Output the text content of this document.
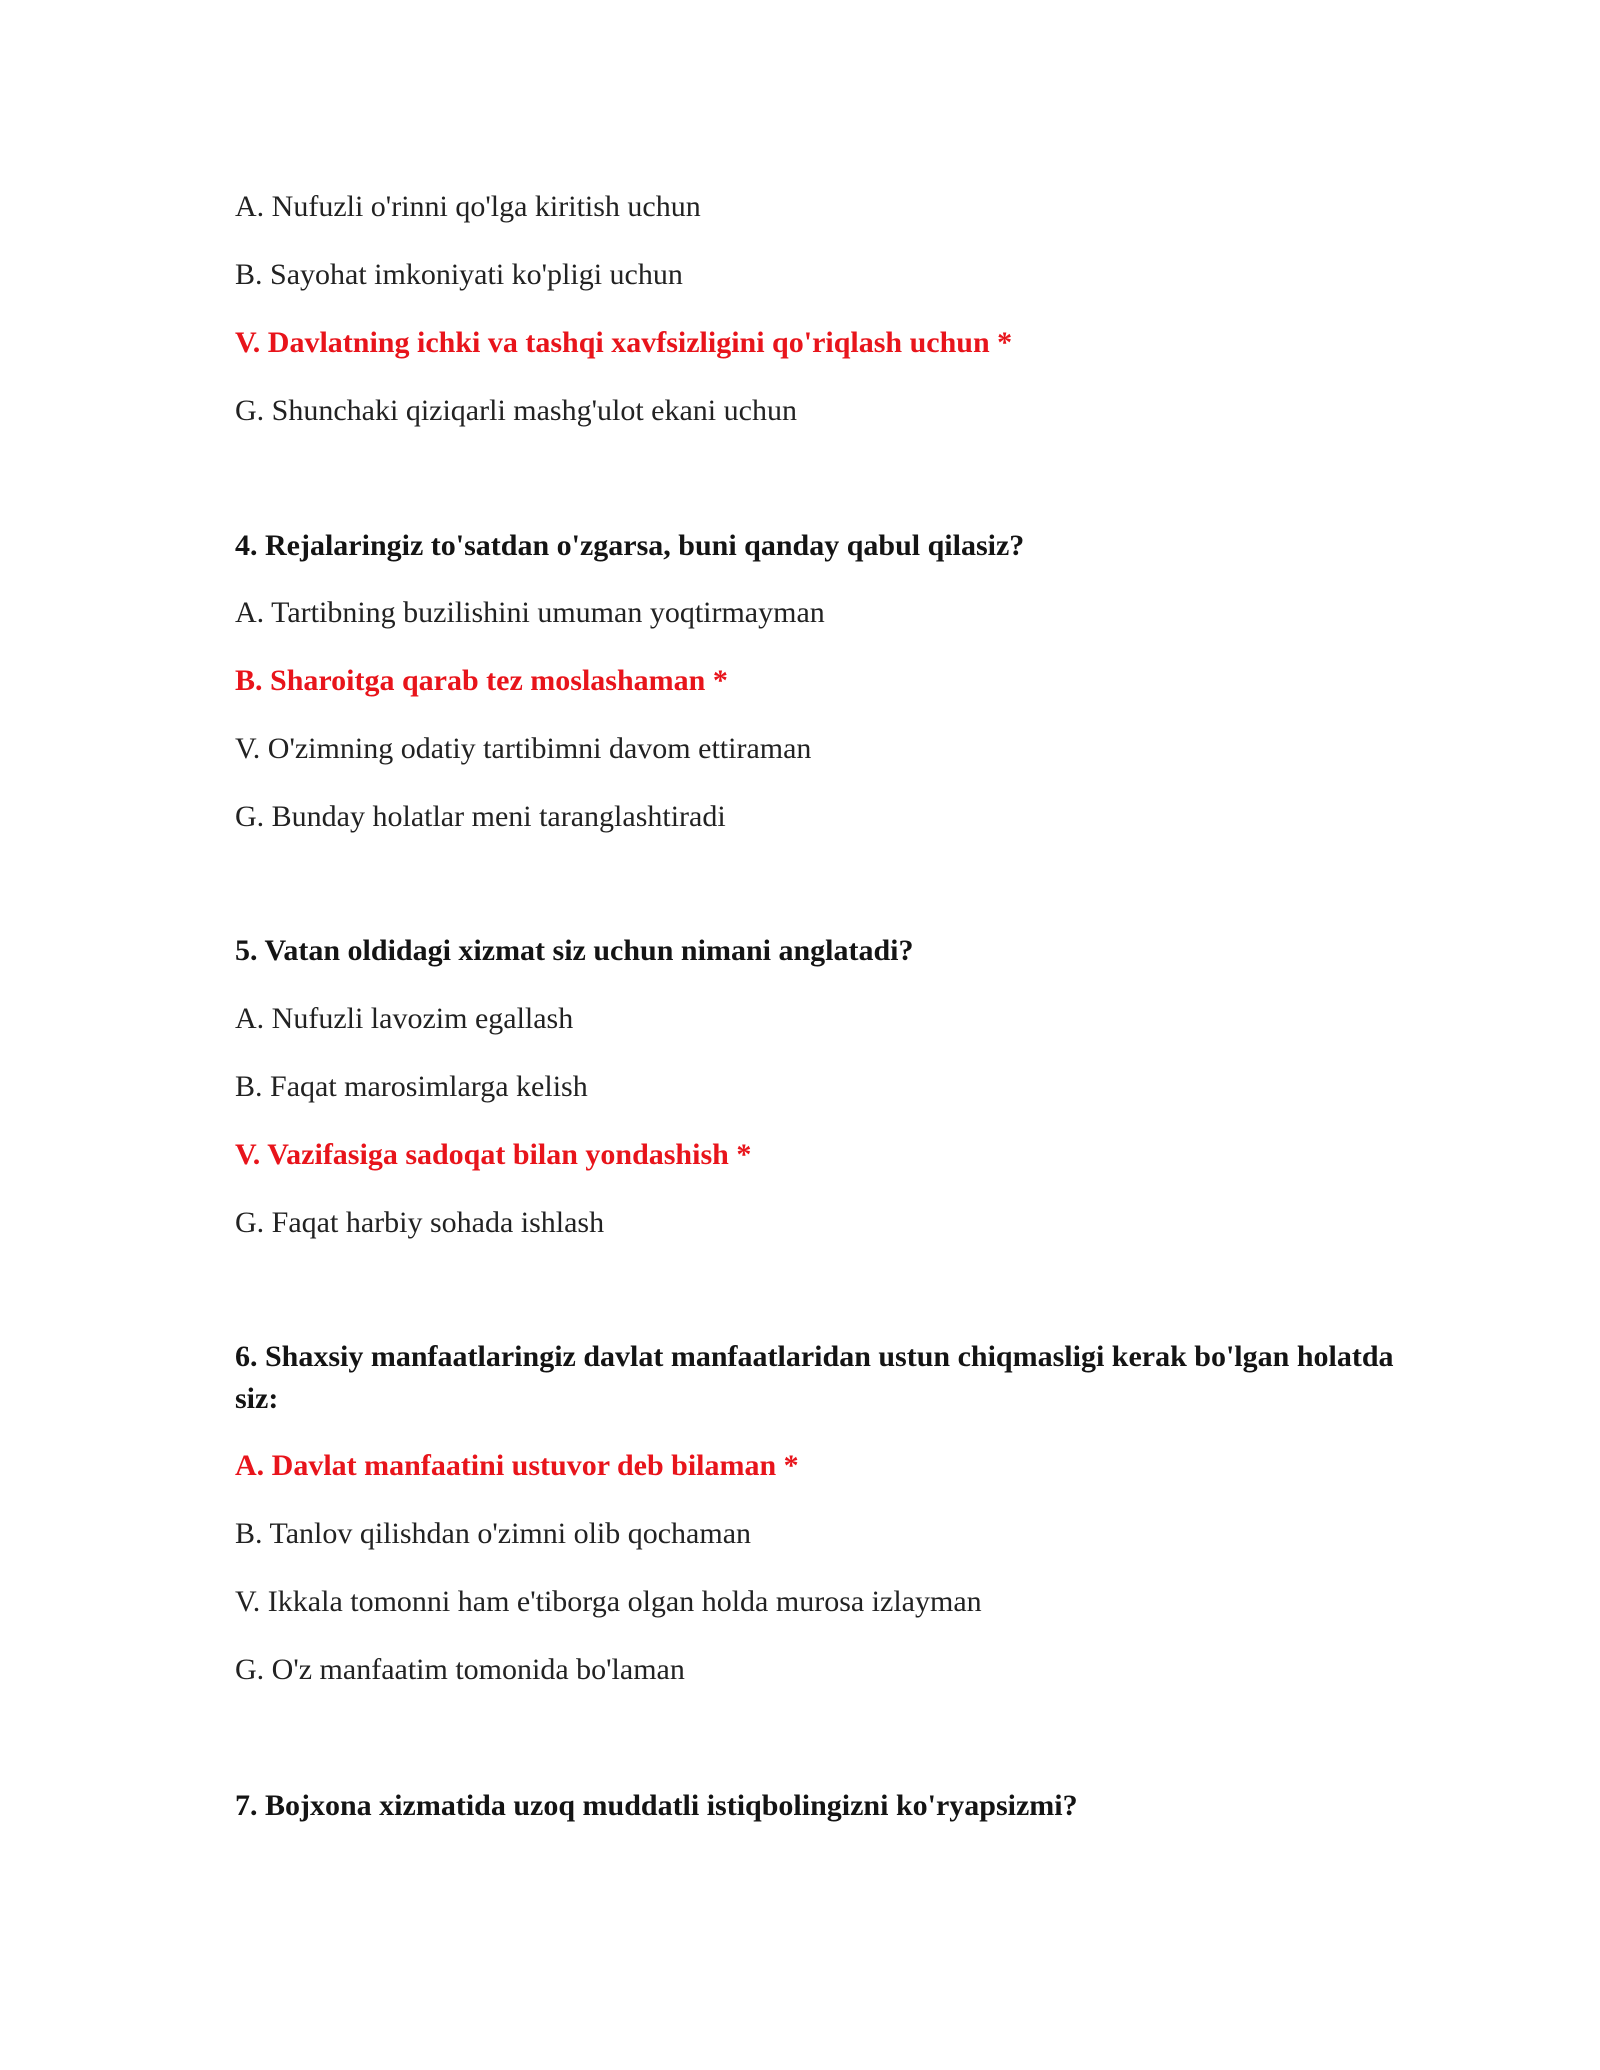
A. Nufuzli o'rinni qo'lga kiritish uchun
B. Sayohat imkoniyati ko'pligi uchun
V. Davlatning ichki va tashqi xavfsizligini qo'riqlash uchun *
G. Shunchaki qiziqarli mashg'ulot ekani uchun
4. Rejalaringiz to'satdan o'zgarsa, buni qanday qabul qilasiz?
A. Tartibning buzilishini umuman yoqtirmayman
B. Sharoitga qarab tez moslashaman *
V. O'zimning odatiy tartibimni davom ettiraman
G. Bunday holatlar meni taranglashtiradi
5. Vatan oldidagi xizmat siz uchun nimani anglatadi?
A. Nufuzli lavozim egallash
B. Faqat marosimlarga kelish
V. Vazifasiga sadoqat bilan yondashish *
G. Faqat harbiy sohada ishlash
6. Shaxsiy manfaatlaringiz davlat manfaatlaridan ustun chiqmasligi kerak bo'lgan holatda siz:
A. Davlat manfaatini ustuvor deb bilaman *
B. Tanlov qilishdan o'zimni olib qochaman
V. Ikkala tomonni ham e'tiborga olgan holda murosa izlayman
G. O'z manfaatim tomonida bo'laman
7. Bojxona xizmatida uzoq muddatli istiqbolingizni ko'ryapsizmi?
